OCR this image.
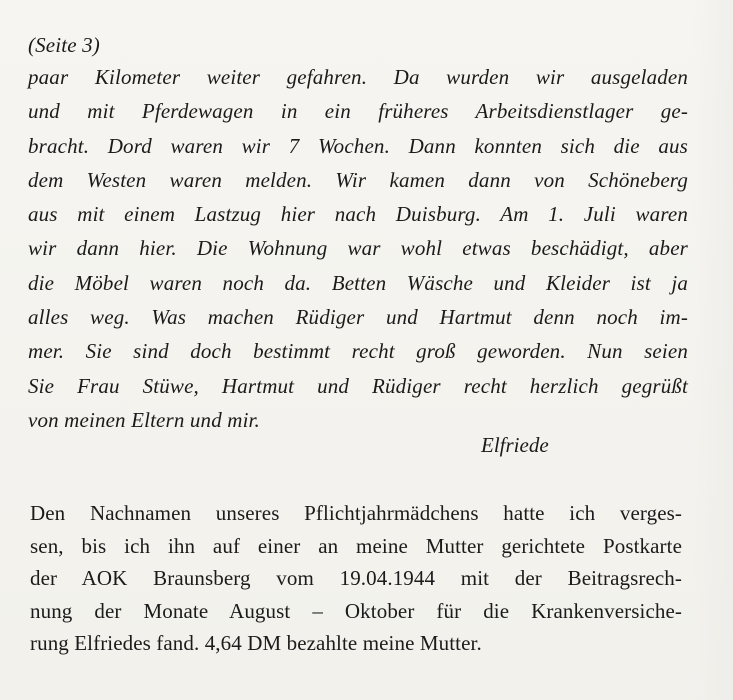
(Seite 3)
paar Kilometer weiter gefahren. Da wurden wir ausgeladen
und mit Pferdewagen in ein früheres Arbeitsdienstlager ge-
bracht. Dord waren wir 7 Wochen. Dann konnten sich die aus
dem Westen waren melden. Wir kamen dann von Schöneberg
aus mit einem Lastzug hier nach Duisburg. Am 1. Juli waren
wir dann hier. Die Wohnung war wohl etwas beschädigt, aber
die Möbel waren noch da. Betten Wäsche und Kleider ist ja
alles weg. Was machen Rüdiger und Hartmut denn noch im-
mer. Sie sind doch bestimmt recht groß geworden. Nun seien
Sie Frau Stüwe, Hartmut und Rüdiger recht herzlich gegrüßt
von meinen Eltern und mir.
Elfriede
Den Nachnamen unseres Pflichtjahrmädchens hatte ich verges-
sen, bis ich ihn auf einer an meine Mutter gerichtete Postkarte
der AOK Braunsberg vom 19.04.1944 mit der Beitragsrech-
nung der Monate August – Oktober für die Krankenversiche-
rung Elfriedes fand. 4,64 DM bezahlte meine Mutter.
